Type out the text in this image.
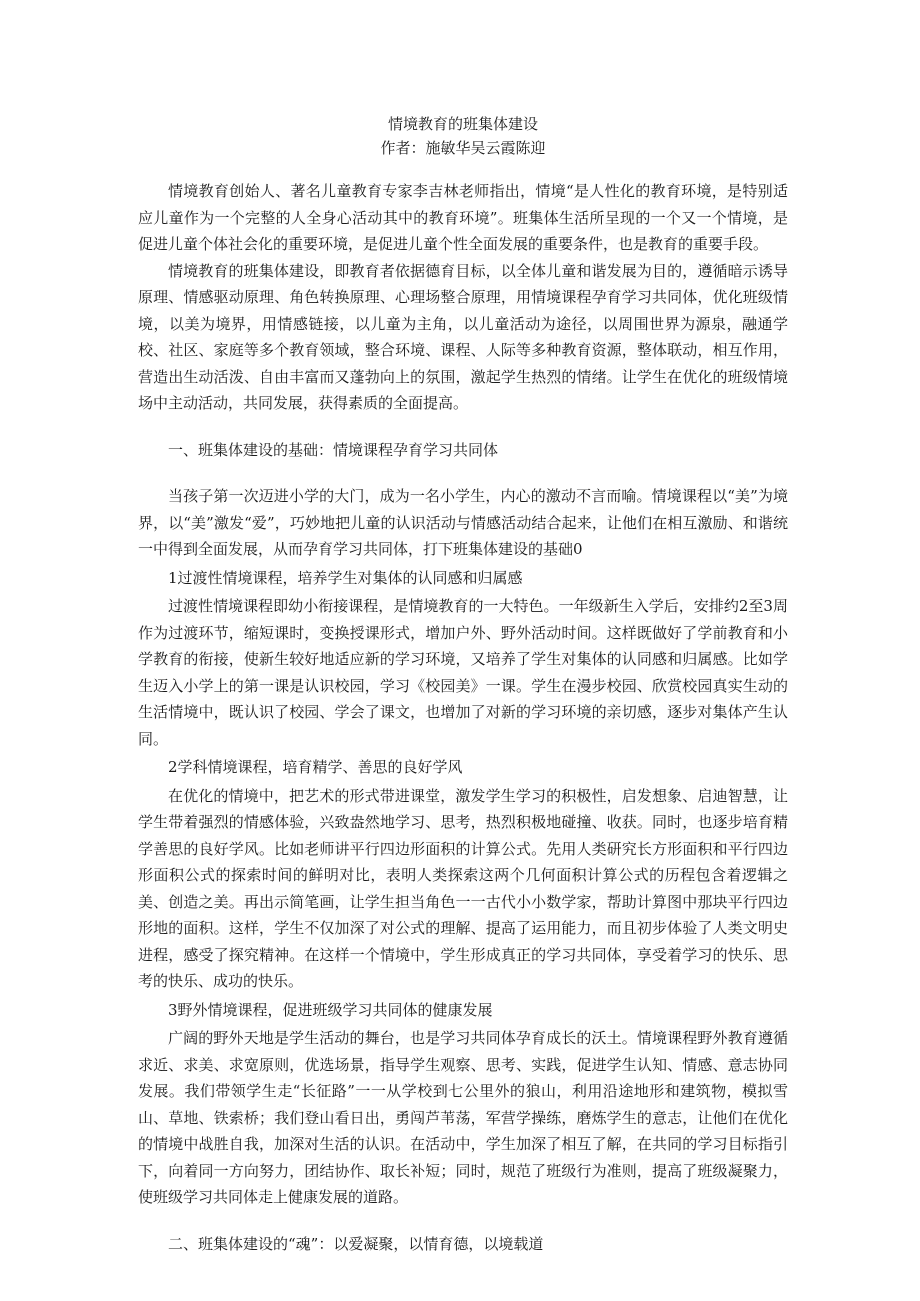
情境教育的班集体建设
作者：施敏华吴云霞陈迎

情境教育创始人、著名儿童教育专家李吉林老师指出，情境“是人性化的教育环境，是特别适应儿童作为一个完整的人全身心活动其中的教育环境”。班集体生活所呈现的一个又一个情境，是促进儿童个体社会化的重要环境，是促进儿童个性全面发展的重要条件，也是教育的重要手段。

情境教育的班集体建设，即教育者依据德育目标，以全体儿童和谐发展为目的，遵循暗示诱导原理、情感驱动原理、角色转换原理、心理场整合原理，用情境课程孕育学习共同体，优化班级情境，以美为境界，用情感链接，以儿童为主角，以儿童活动为途径，以周围世界为源泉，融通学校、社区、家庭等多个教育领域，整合环境、课程、人际等多种教育资源，整体联动，相互作用，营造出生动活泼、自由丰富而又蓬勃向上的氛围，激起学生热烈的情绪。让学生在优化的班级情境场中主动活动，共同发展，获得素质的全面提高。

一、班集体建设的基础：情境课程孕育学习共同体

当孩子第一次迈进小学的大门，成为一名小学生，内心的激动不言而喻。情境课程以“美”为境界，以“美”激发“爱”，巧妙地把儿童的认识活动与情感活动结合起来，让他们在相互激励、和谐统一中得到全面发展，从而孕育学习共同体，打下班集体建设的基础0

1过渡性情境课程，培养学生对集体的认同感和归属感

过渡性情境课程即幼小衔接课程，是情境教育的一大特色。一年级新生入学后，安排约2至3周作为过渡环节，缩短课时，变换授课形式，增加户外、野外活动时间。这样既做好了学前教育和小学教育的衔接，使新生较好地适应新的学习环境，又培养了学生对集体的认同感和归属感。比如学生迈入小学上的第一课是认识校园，学习《校园美》一课。学生在漫步校园、欣赏校园真实生动的生活情境中，既认识了校园、学会了课文，也增加了对新的学习环境的亲切感，逐步对集体产生认同。

2学科情境课程，培育精学、善思的良好学风

在优化的情境中，把艺术的形式带进课堂，激发学生学习的积极性，启发想象、启迪智慧，让学生带着强烈的情感体验，兴致盎然地学习、思考，热烈积极地碰撞、收获。同时，也逐步培育精学善思的良好学风。比如老师讲平行四边形面积的计算公式。先用人类研究长方形面积和平行四边形面积公式的探索时间的鲜明对比，表明人类探索这两个几何面积计算公式的历程包含着逻辑之美、创造之美。再出示简笔画，让学生担当角色一一古代小小数学家，帮助计算图中那块平行四边形地的面积。这样，学生不仅加深了对公式的理解、提高了运用能力，而且初步体验了人类文明史进程，感受了探究精神。在这样一个情境中，学生形成真正的学习共同体，享受着学习的快乐、思考的快乐、成功的快乐。

3野外情境课程，促进班级学习共同体的健康发展

广阔的野外天地是学生活动的舞台，也是学习共同体孕育成长的沃土。情境课程野外教育遵循求近、求美、求宽原则，优选场景，指导学生观察、思考、实践，促进学生认知、情感、意志协同发展。我们带领学生走“长征路”一一从学校到七公里外的狼山，利用沿途地形和建筑物，模拟雪山、草地、铁索桥；我们登山看日出，勇闯芦苇荡，军营学操练，磨炼学生的意志，让他们在优化的情境中战胜自我，加深对生活的认识。在活动中，学生加深了相互了解，在共同的学习目标指引下，向着同一方向努力，团结协作、取长补短；同时，规范了班级行为准则，提高了班级凝聚力，使班级学习共同体走上健康发展的道路。

二、班集体建设的“魂”：以爱凝聚，以情育德，以境载道
